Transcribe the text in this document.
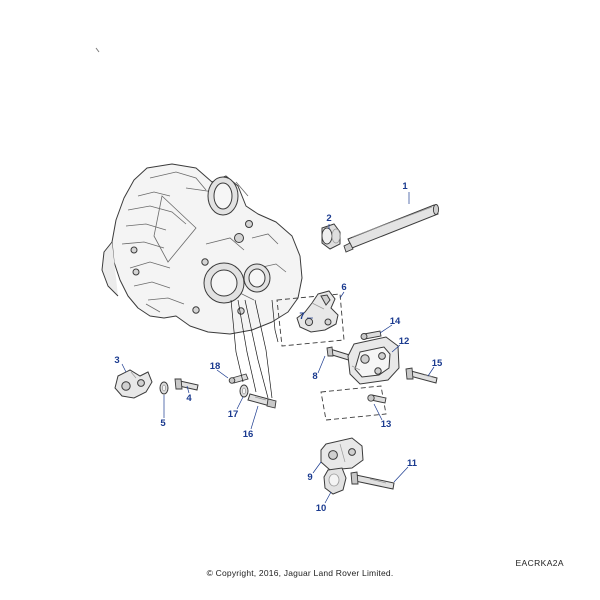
1
2
3
4
5
6
7
8
9
10
11
12
13
14
15
16
17
18
© Copyright, 2016, Jaguar Land Rover Limited.
EACRKA2A
